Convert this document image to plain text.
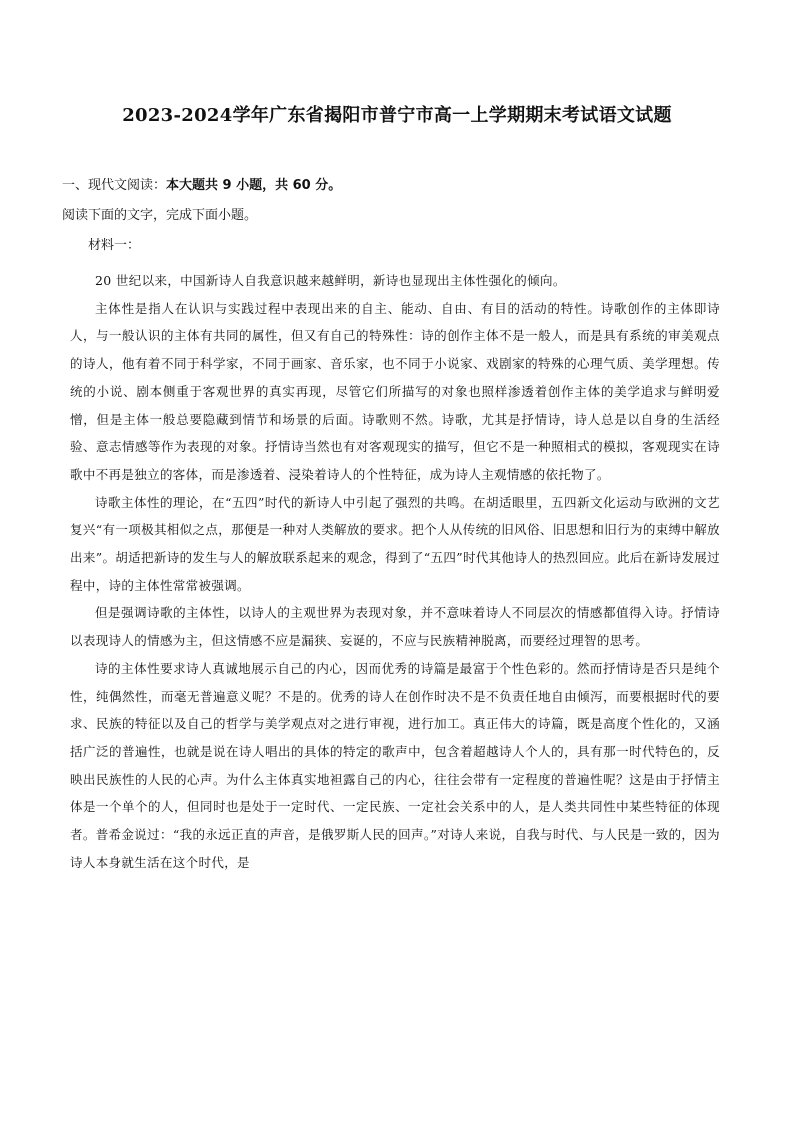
2023-2024学年广东省揭阳市普宁市高一上学期期末考试语文试题

一、现代文阅读：本大题共 9 小题，共 60 分。

阅读下面的文字，完成下面小题。

材料一：

20 世纪以来，中国新诗人自我意识越来越鲜明，新诗也显现出主体性强化的倾向。

主体性是指人在认识与实践过程中表现出来的自主、能动、自由、有目的活动的特性。诗歌创作的主体即诗人，与一般认识的主体有共同的属性，但又有自己的特殊性：诗的创作主体不是一般人，而是具有系统的审美观点的诗人，他有着不同于科学家，不同于画家、音乐家，也不同于小说家、戏剧家的特殊的心理气质、美学理想。传统的小说、剧本侧重于客观世界的真实再现，尽管它们所描写的对象也照样渗透着创作主体的美学追求与鲜明爱憎，但是主体一般总要隐藏到情节和场景的后面。诗歌则不然。诗歌，尤其是抒情诗，诗人总是以自身的生活经验、意志情感等作为表现的对象。抒情诗当然也有对客观现实的描写，但它不是一种照相式的模拟，客观现实在诗歌中不再是独立的客体，而是渗透着、浸染着诗人的个性特征，成为诗人主观情感的依托物了。

诗歌主体性的理论，在“五四”时代的新诗人中引起了强烈的共鸣。在胡适眼里，五四新文化运动与欧洲的文艺复兴“有一项极其相似之点，那便是一种对人类解放的要求。把个人从传统的旧风俗、旧思想和旧行为的束缚中解放出来”。胡适把新诗的发生与人的解放联系起来的观念，得到了“五四”时代其他诗人的热烈回应。此后在新诗发展过程中，诗的主体性常常被强调。

但是强调诗歌的主体性，以诗人的主观世界为表现对象，并不意味着诗人不同层次的情感都值得入诗。抒情诗以表现诗人的情感为主，但这情感不应是漏狭、妄诞的，不应与民族精神脱离，而要经过理智的思考。

诗的主体性要求诗人真诚地展示自己的内心，因而优秀的诗篇是最富于个性色彩的。然而抒情诗是否只是纯个性，纯偶然性，而毫无普遍意义呢？不是的。优秀的诗人在创作时决不是不负责任地自由倾泻，而要根据时代的要求、民族的特征以及自己的哲学与美学观点对之进行审视，进行加工。真正伟大的诗篇，既是高度个性化的，又涵括广泛的普遍性，也就是说在诗人唱出的具体的特定的歌声中，包含着超越诗人个人的，具有那一时代特色的，反映出民族性的人民的心声。为什么主体真实地袒露自己的内心，往往会带有一定程度的普遍性呢？这是由于抒情主体是一个单个的人，但同时也是处于一定时代、一定民族、一定社会关系中的人，是人类共同性中某些特征的体现者。普希金说过：“我的永远正直的声音，是俄罗斯人民的回声。”对诗人来说，自我与时代、与人民是一致的，因为诗人本身就生活在这个时代，是
